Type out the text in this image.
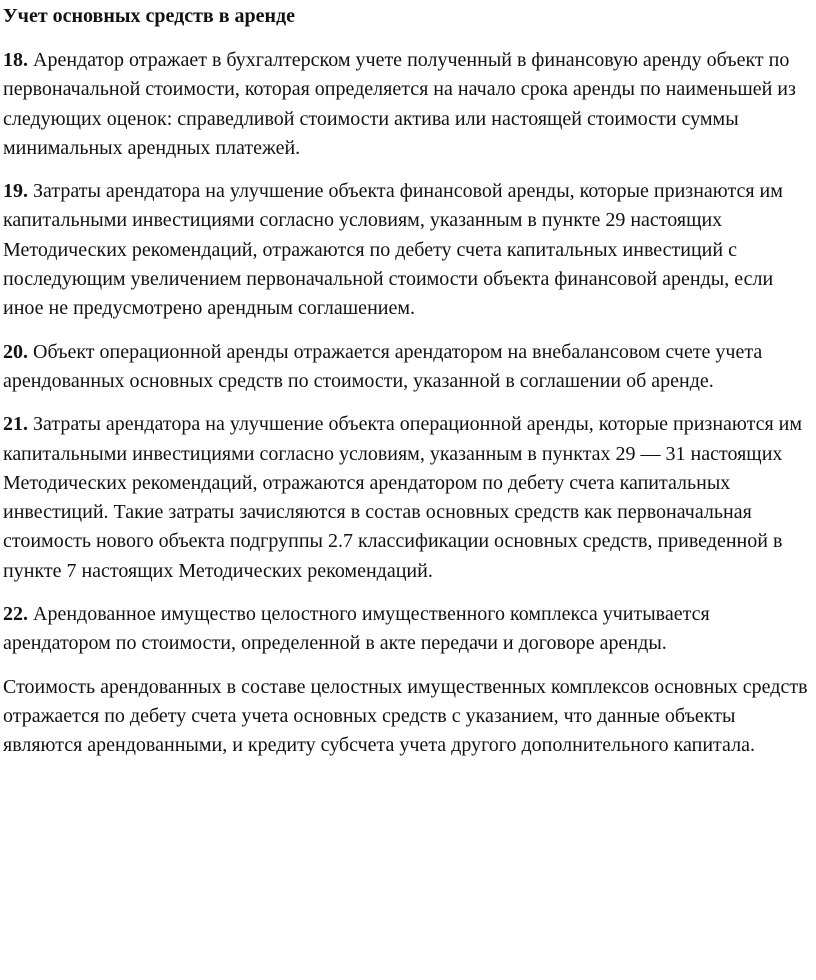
Учет основных средств в аренде

18. Арендатор отражает в бухгалтерском учете полученный в финансовую аренду объект по первоначальной стоимости, которая определяется на начало срока аренды по наименьшей из следующих оценок: справедливой стоимости актива или настоящей стоимости суммы минимальных арендных платежей.

19. Затраты арендатора на улучшение объекта финансовой аренды, которые признаются им капитальными инвестициями согласно условиям, указанным в пункте 29 настоящих Методических рекомендаций, отражаются по дебету счета капитальных инвестиций с последующим увеличением первоначальной стоимости объекта финансовой аренды, если иное не предусмотрено арендным соглашением.

20. Объект операционной аренды отражается арендатором на внебалансовом счете учета арендованных основных средств по стоимости, указанной в соглашении об аренде.

21. Затраты арендатора на улучшение объекта операционной аренды, которые признаются им капитальными инвестициями согласно условиям, указанным в пунктах 29 — 31 настоящих Методических рекомендаций, отражаются арендатором по дебету счета капитальных инвестиций. Такие затраты зачисляются в состав основных средств как первоначальная стоимость нового объекта подгруппы 2.7 классификации основных средств, приведенной в пункте 7 настоящих Методических рекомендаций.

22. Арендованное имущество целостного имущественного комплекса учитывается арендатором по стоимости, определенной в акте передачи и договоре аренды.

Стоимость арендованных в составе целостных имущественных комплексов основных средств отражается по дебету счета учета основных средств с указанием, что данные объекты являются арендованными, и кредиту субсчета учета другого дополнительного капитала.
